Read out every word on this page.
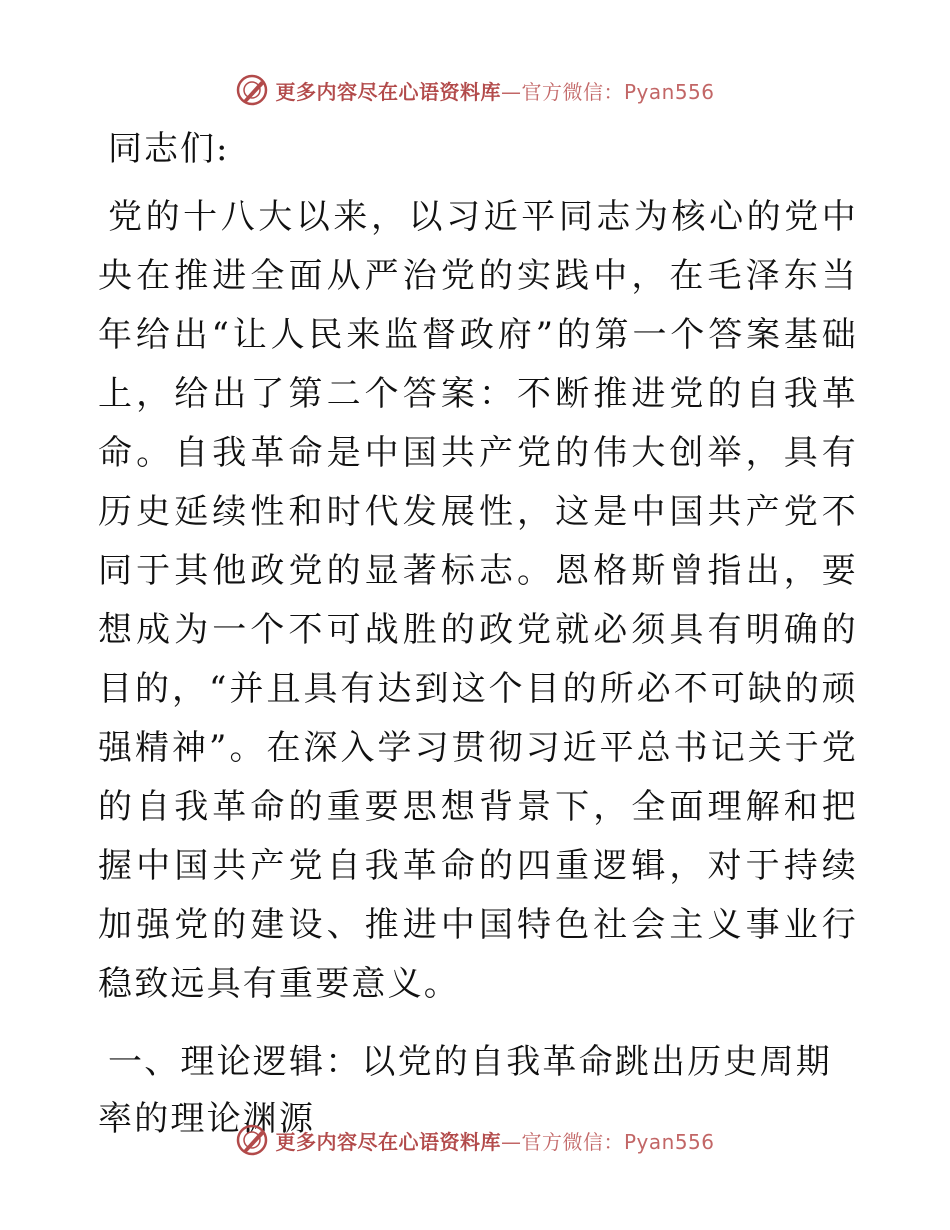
更多内容尽在心语资料库—官方微信：Pyan556
同志们:
党的十八大以来，以习近平同志为核心的党中央在推进全面从严治党的实践中，在毛泽东当年给出“让人民来监督政府”的第一个答案基础上，给出了第二个答案：不断推进党的自我革命。自我革命是中国共产党的伟大创举，具有历史延续性和时代发展性，这是中国共产党不同于其他政党的显著标志。恩格斯曾指出，要想成为一个不可战胜的政党就必须具有明确的目的，“并且具有达到这个目的所必不可缺的顽强精神”。在深入学习贯彻习近平总书记关于党的自我革命的重要思想背景下，全面理解和把握中国共产党自我革命的四重逻辑，对于持续加强党的建设、推进中国特色社会主义事业行稳致远具有重要意义。
一、理论逻辑：以党的自我革命跳出历史周期率的理论渊源
更多内容尽在心语资料库—官方微信：Pyan556
